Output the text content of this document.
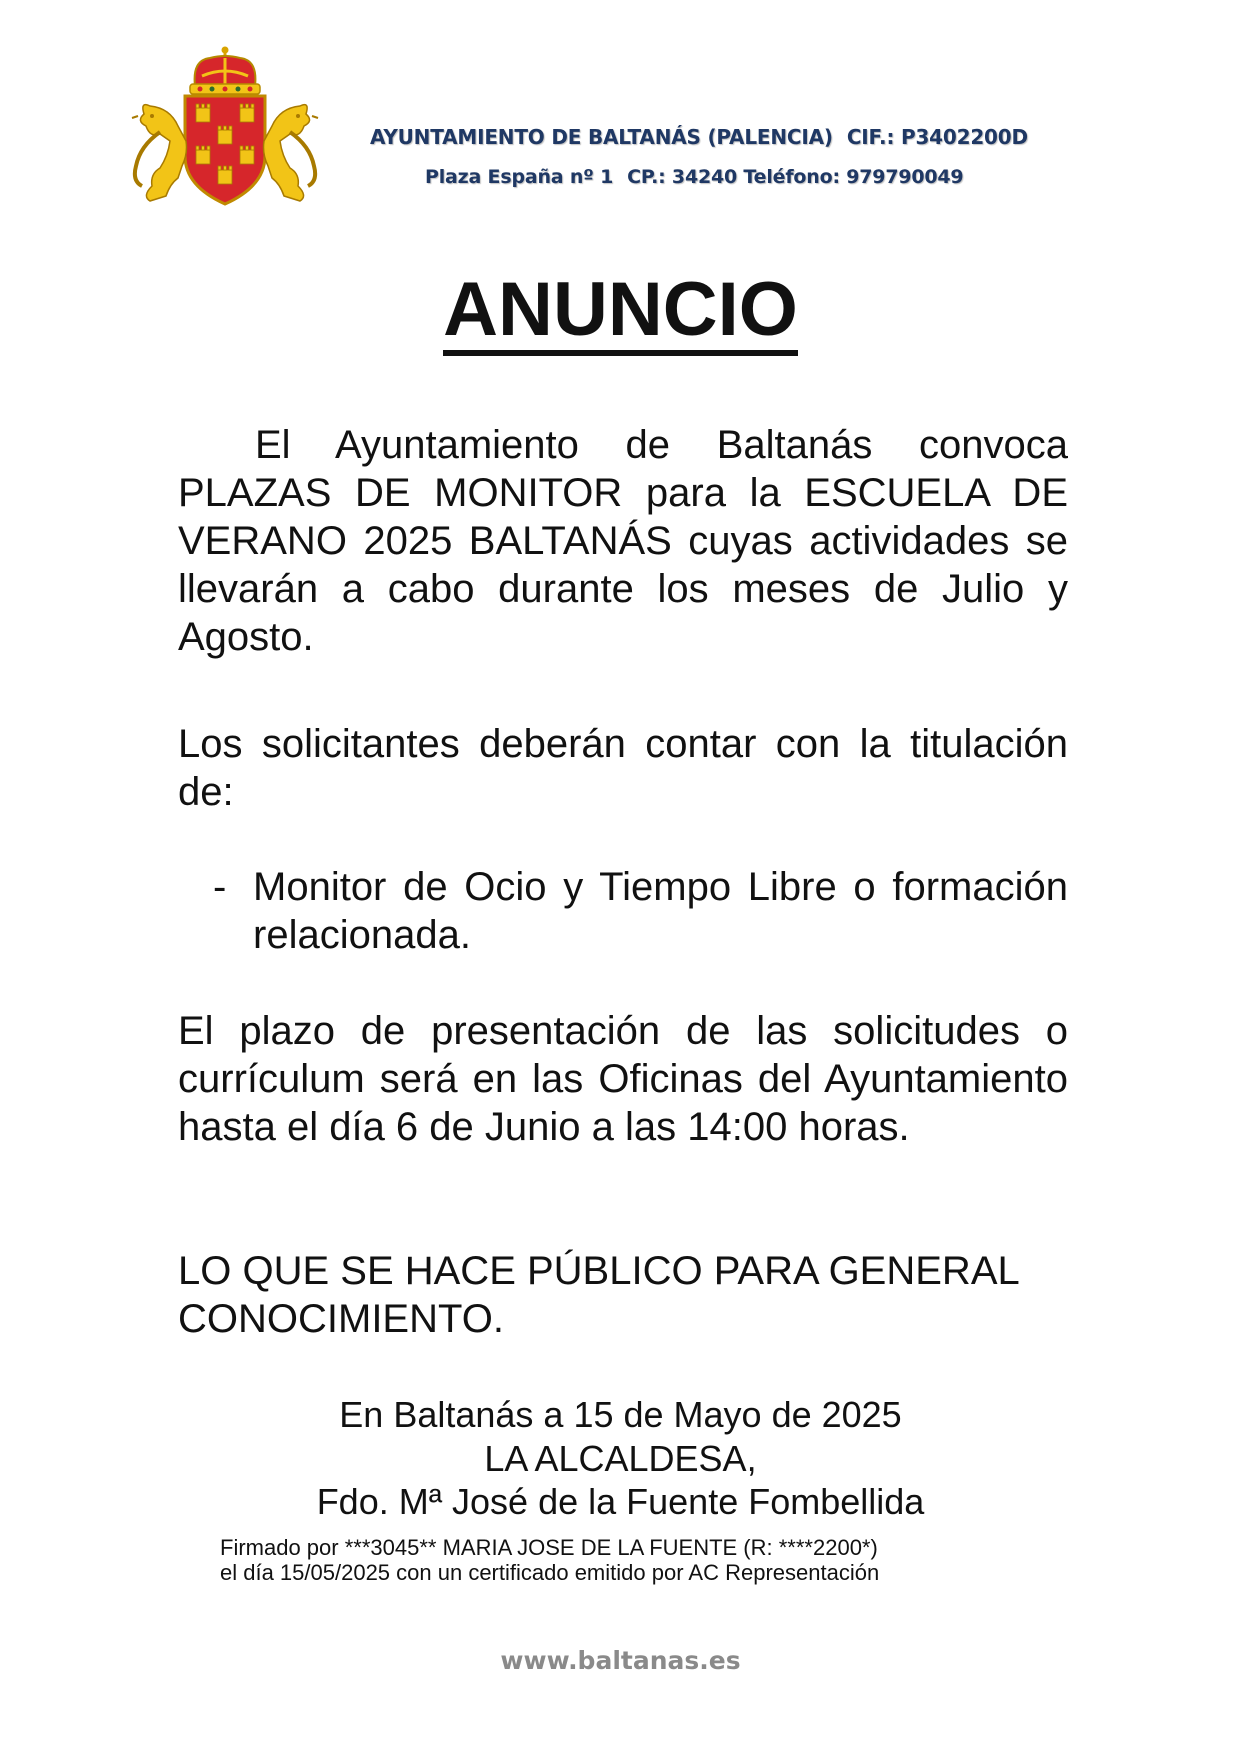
AYUNTAMIENTO DE BALTANÁS (PALENCIA) CIF.: P3402200D
Plaza España nº 1 CP.: 34240 Teléfono: 979790049
ANUNCIO
El Ayuntamiento de Baltanás convoca PLAZAS DE MONITOR para la ESCUELA DE VERANO 2025 BALTANÁS cuyas actividades se llevarán a cabo durante los meses de Julio y Agosto.
Los solicitantes deberán contar con la titulación de:
- Monitor de Ocio y Tiempo Libre o formación relacionada.
El plazo de presentación de las solicitudes o currículum será en las Oficinas del Ayuntamiento hasta el día 6 de Junio a las 14:00 horas.
LO QUE SE HACE PÚBLICO PARA GENERAL CONOCIMIENTO.
En Baltanás a 15 de Mayo de 2025
LA ALCALDESA,
Fdo. Mª José de la Fuente Fombellida
Firmado por ***3045** MARIA JOSE DE LA FUENTE (R: ****2200*)
el día 15/05/2025 con un certificado emitido por AC Representación
www.baltanas.es
